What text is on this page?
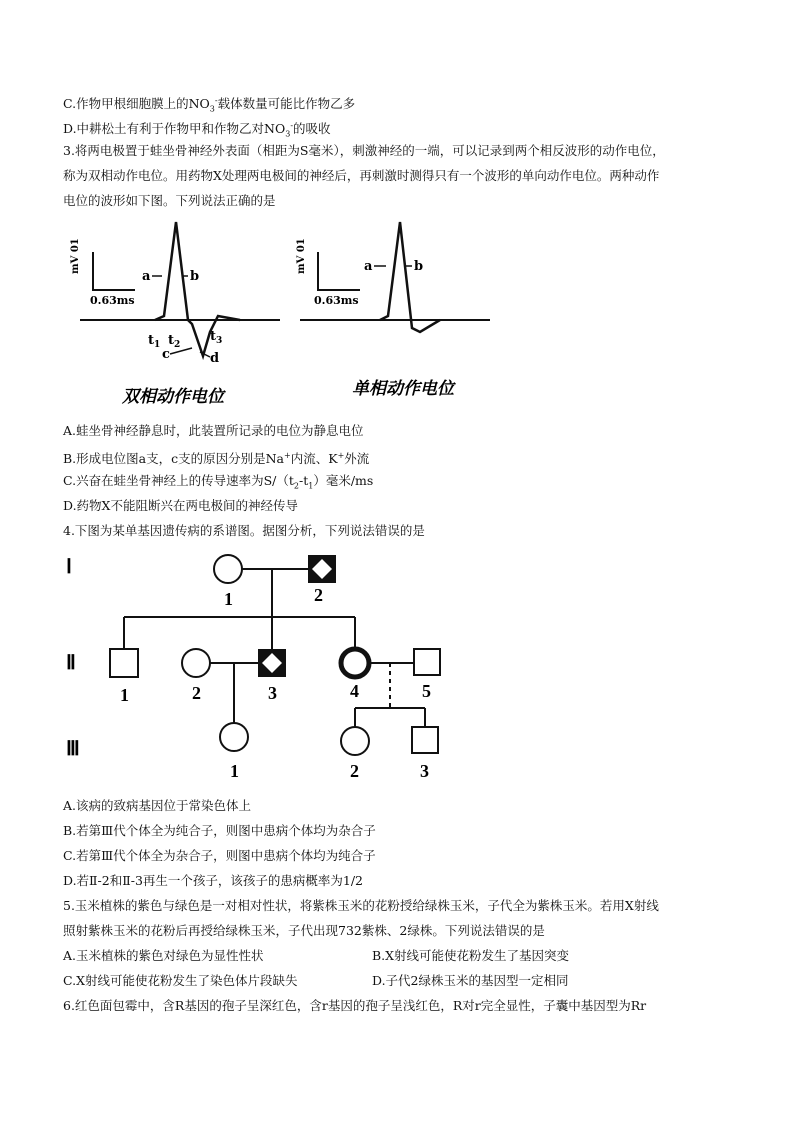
C.作物甲根细胞膜上的$NO_3^-$载体数量可能比作物乙多
D.中耕松土有利于作物甲和作物乙对$NO_3^-$的吸收
3.将两电极置于蛙坐骨神经外表面（相距为S毫米），刺激神经的一端，可以记录到两个相反波形的动作电位，
称为双相动作电位。用药物X处理两电极间的神经后，再刺激时测得只有一个波形的单向动作电位。两种动作
电位的波形如下图。下列说法正确的是
mV 01
0.63ms
a	b
$t_1$ $t_2$
$t_3$
c	d
双相动作电位
mV 01
0.63ms
a	b
单相动作电位
A.蛙坐骨神经静息时，此装置所记录的电位为静息电位
B.形成电位图a支，c支的原因分别是Na+内流、K+外流
C.兴奋在蛙坐骨神经上的传导速率为$S/(t_2-t_1)$毫米/ms
D.药物X不能阻断兴在两电极间的神经传导
4.下图为某单基因遗传病的系谱图。据图分析，下列说法错误的是
Ⅰ
Ⅱ
Ⅲ
1	2
1	2	3	4	5
1	2	3
A.该病的致病基因位于常染色体上
B.若第Ⅲ代个体全为纯合子，则图中患病个体均为杂合子
C.若第Ⅲ代个体全为杂合子，则图中患病个体均为纯合子
D.若Ⅱ-2和Ⅱ-3再生一个孩子，该孩子的患病概率为1/2
5.玉米植株的紫色与绿色是一对相对性状，将紫株玉米的花粉授给绿株玉米，子代全为紫株玉米。若用X射线
照射紫株玉米的花粉后再授给绿株玉米，子代出现732紫株、2绿株。下列说法错误的是
A.玉米植株的紫色对绿色为显性性状	B.X射线可能使花粉发生了基因突变
C.X射线可能使花粉发生了染色体片段缺失	D.子代2绿株玉米的基因型一定相同
6.红色面包霉中，含R基因的孢子呈深红色，含r基因的孢子呈浅红色，R对r完全显性，子囊中基因型为Rr
